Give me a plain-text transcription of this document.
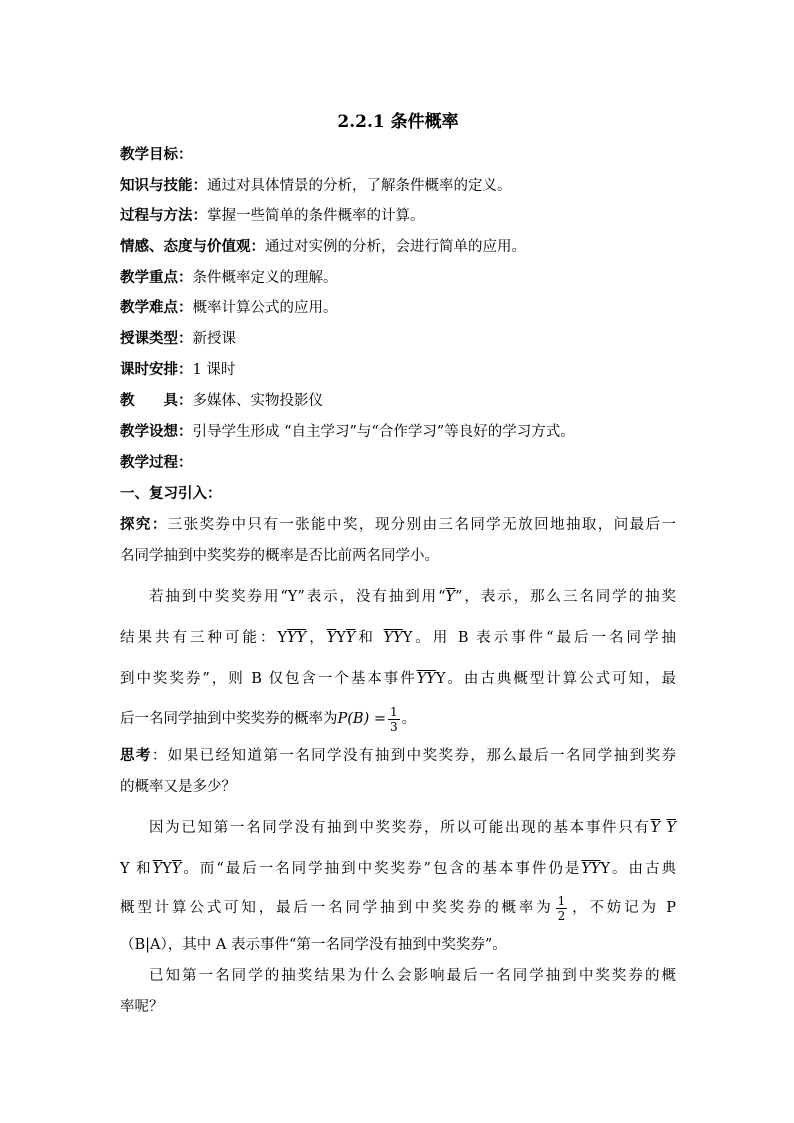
2.2.1 条件概率
教学目标：
知识与技能：通过对具体情景的分析，了解条件概率的定义。
过程与方法：掌握一些简单的条件概率的计算。
情感、态度与价值观：通过对实例的分析，会进行简单的应用。
教学重点：条件概率定义的理解。
教学难点：概率计算公式的应用。
授课类型：新授课
课时安排：1 课时
教　　具：多媒体、实物投影仪
教学设想：引导学生形成 “自主学习”与“合作学习”等良好的学习方式。
教学过程：
一、复习引入：
探究：三张奖券中只有一张能中奖，现分别由三名同学无放回地抽取，问最后一
名同学抽到中奖奖券的概率是否比前两名同学小。
若抽到中奖奖券用“Y”表示，没有抽到用“$\overline{Y}$”，表示，那么三名同学的抽奖
结果共有三种可能：$Y\overline{Y}\overline{Y}$，$\overline{Y}Y\overline{Y}$和 $\overline{Y}\overline{Y}Y$。用 B 表示事件“最后一名同学抽
到中奖奖券”，则 B 仅包含一个基本事件$\overline{Y}\overline{Y}Y$。由古典概型计算公式可知，最
后一名同学抽到中奖奖券的概率为$P(B) = \frac{1}{3}$ 。
思考：如果已经知道第一名同学没有抽到中奖奖券，那么最后一名同学抽到奖券
的概率又是多少？
因为已知第一名同学没有抽到中奖奖券，所以可能出现的基本事件只有$\overline{Y}$ $\overline{Y}$
Y 和$\overline{Y}Y\overline{Y}$。而“最后一名同学抽到中奖奖券”包含的基本事件仍是$\overline{Y}\overline{Y}Y$。由古典
概型计算公式可知，最后一名同学抽到中奖奖券的概率为 $\frac{1}{2}$ ，不妨记为 P
（B|A），其中 A 表示事件“第一名同学没有抽到中奖奖券”。
已知第一名同学的抽奖结果为什么会影响最后一名同学抽到中奖奖券的概
率呢？
